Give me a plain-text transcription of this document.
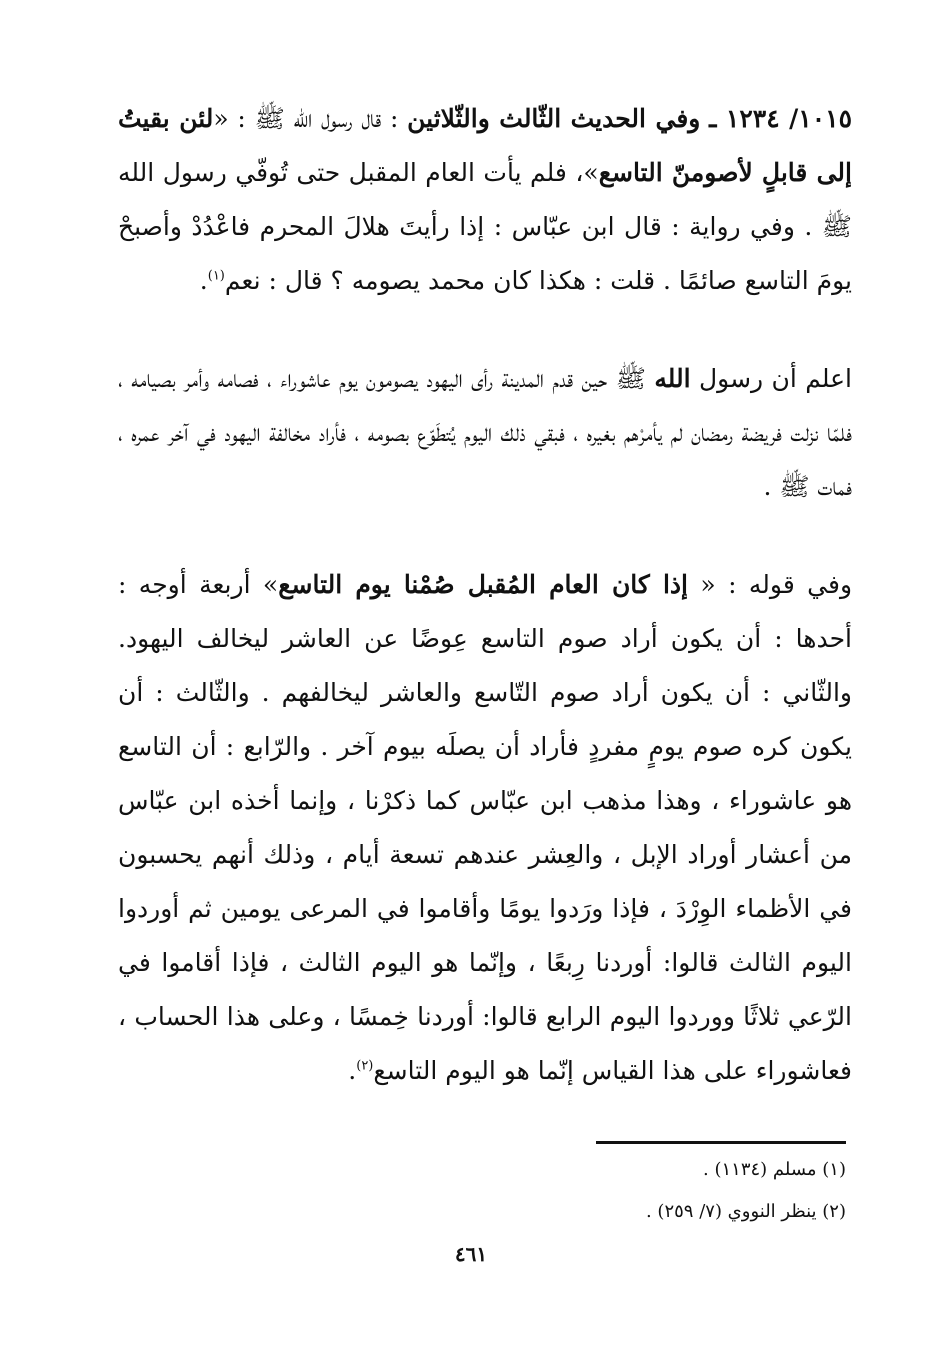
١٠١٥/ ١٢٣٤ ـ وفي الحديث الثّالث والثّلاثين : قال رسول الله ﷺ : «لئن بقيتُ إلى قابلٍ لأصومنّ التاسع»، فلم يأت العام المقبل حتى تُوفّي رسول الله ﷺ . وفي رواية : قال ابن عبّاس : إذا رأيتَ هلالَ المحرم فاعْدُدْ وأصبحْ يومَ التاسع صائمًا . قلت : هكذا كان محمد يصومه ؟ قال : نعم$^{(١)}$.

اعلم أن رسول الله ﷺ حين قدم المدينة رأى اليهود يصومون يوم عاشوراء ، فصامه وأمر بصيامه ، فلمّا نزلت فريضة رمضان لم يأمرْهم بغيره ، فبقي ذلك اليوم يُتطَوّع بصومه ، فأراد مخالفة اليهود في آخر عمره ، فمات ﷺ .

وفي قوله : « إذا كان العام المُقبل صُمْنا يوم التاسع» أربعة أوجه : أحدها : أن يكون أراد صوم التاسع عِوضًا عن العاشر ليخالف اليهود. والثّاني : أن يكون أراد صوم التّاسع والعاشر ليخالفهم . والثّالث : أن يكون كره صوم يومٍ مفردٍ فأراد أن يصلَه بيوم آخر . والرّابع : أن التاسع هو عاشوراء ، وهذا مذهب ابن عبّاس كما ذكرْنا ، وإنما أخذه ابن عبّاس من أعشار أوراد الإبل ، والعِشر عندهم تسعة أيام ، وذلك أنهم يحسبون في الأظماء الوِرْدَ ، فإذا ورَدوا يومًا وأقاموا في المرعى يومين ثم أوردوا اليوم الثالث قالوا: أوردنا رِبعًا ، وإنّما هو اليوم الثالث ، فإذا أقاموا في الرّعي ثلاثًا ووردوا اليوم الرابع قالوا: أوردنا خِمسًا ، وعلى هذا الحساب ، فعاشوراء على هذا القياس إنّما هو اليوم التاسع$^{(٢)}$.

(١) مسلم (١١٣٤) .
(٢) ينظر النووي (٧/ ٢٥٩) .
٤٦١
